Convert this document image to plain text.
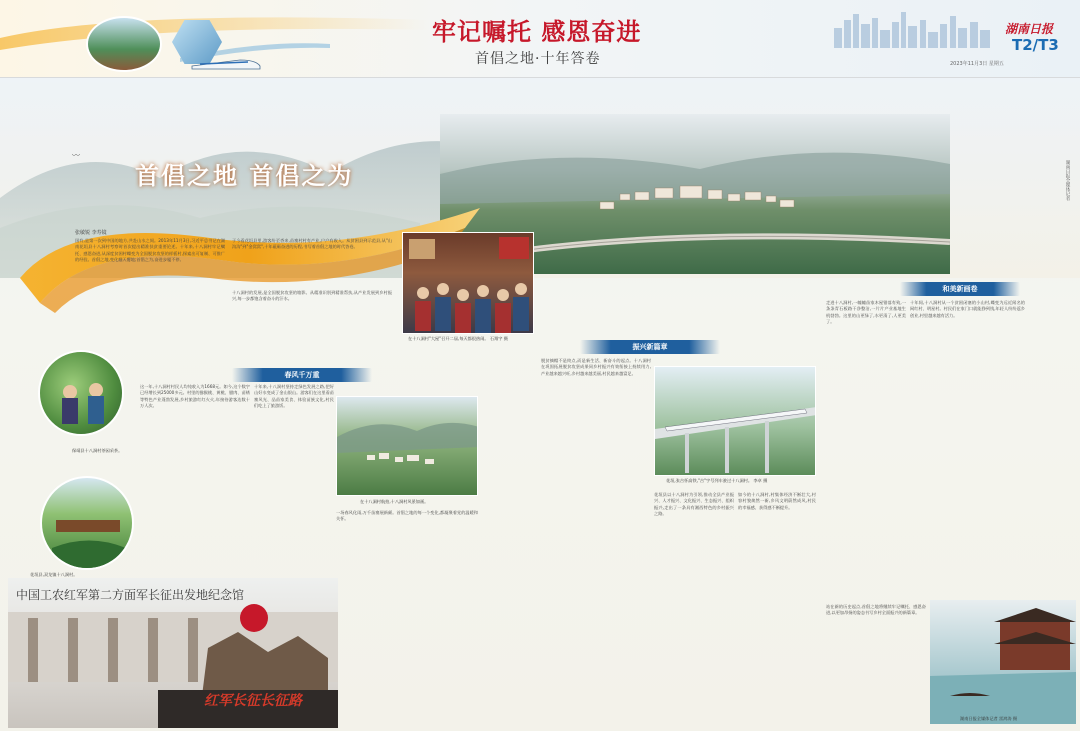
牢记嘱托 感恩奋进
首倡之地·十年答卷
湖南日报
T2/T3
2023年11月3日 星期五
首倡之地 首倡之为
张敏锐 李寿镜
国有,是第一次到中国的地方,共赴山水之间。2013年11月3日,习近平总书记在湖南花垣县十八洞村考察时首次提出精准扶贫重要论述。十年来,十八洞村牢记嘱托、感恩奋进,从深度贫困村蝶变为全国脱贫攻坚的样板村,探索出可复制、可推广的经验。首倡之地,变化翻天覆地;首倡之为,奋进步履不停。
于今看花垣县里,游客纷至沓来,苗寨村村有产业,户户有收入。从贫困县到示范县,从"山沟沟"到"金窝窝",十年砥砺奋进的历程,书写着首倡之地的时代答卷。
十八洞村的发展,是全国脱贫攻坚的缩影。从精准识别到精准帮扶,从产业发展到乡村振兴,每一步都饱含着奋斗的汗水。
在十八洞村"大屋"召开二届,每天都很热闹。 石翔宇 摄
春风千万重
保靖县十八洞村茶园采茶。
花垣县,双龙镇十八洞村。
这一年,十八洞村村民人均纯收入为1668元。如今,这个数字已经增长到25000多元。村里的猕猴桃、黄桃、腊肉、苗绣等特色产业蓬勃发展,乡村旅游红红火火,年接待游客达数十万人次。
十年来,十八洞村坚持走绿色发展之路,把好山好水变成了金山银山。游客们在这里看苗寨风光、品苗家美食、体验苗族文化,村民们吃上了旅游饭。
在十八洞村航拍,十八洞村风景如画。
一场春风化雨,万千苗寨展新颜。首倡之地的每一个变化,都凝聚着党的温暖和关怀。
中国工农红军第二方面军长征出发地纪念馆
红军长征长征路
振兴新篇章
脱贫摘帽不是终点,而是新生活、新奋斗的起点。十八洞村在巩固拓展脱贫攻坚成果同乡村振兴有效衔接上持续用力,产业越来越兴旺,乡村越来越美丽,村民越来越富足。
花垣,张吉怀高铁,"吉"字号列车驶过十八洞村。 李卓 摄
花垣县以十八洞村为引领,推动全县产业振兴、人才振兴、文化振兴、生态振兴、组织振兴,走出了一条具有湘西特色的乡村振兴之路。
如今的十八洞村,村集体经济不断壮大,村容村貌焕然一新,乡风文明蔚然成风,村民的幸福感、获得感不断提升。
和美新画卷
走进十八洞村,一幢幢苗家木屋错落有致,一条条青石板路干净整洁,一片片产业基地生机勃勃。这里的山更绿了,水更清了,人更美了。
十年间,十八洞村从一个贫困闭塞的小山村,蝶变为远近闻名的网红村、明星村。村民们在家门口就能挣到钱,年轻人纷纷返乡创业,村里越来越有活力。
站在新的历史起点,首倡之地将继续牢记嘱托、感恩奋进,以更加昂扬的姿态书写乡村全面振兴的新篇章。
湖南日报全媒体记者 雷鸿涛 摄
湖南日报全媒体记者
〰
